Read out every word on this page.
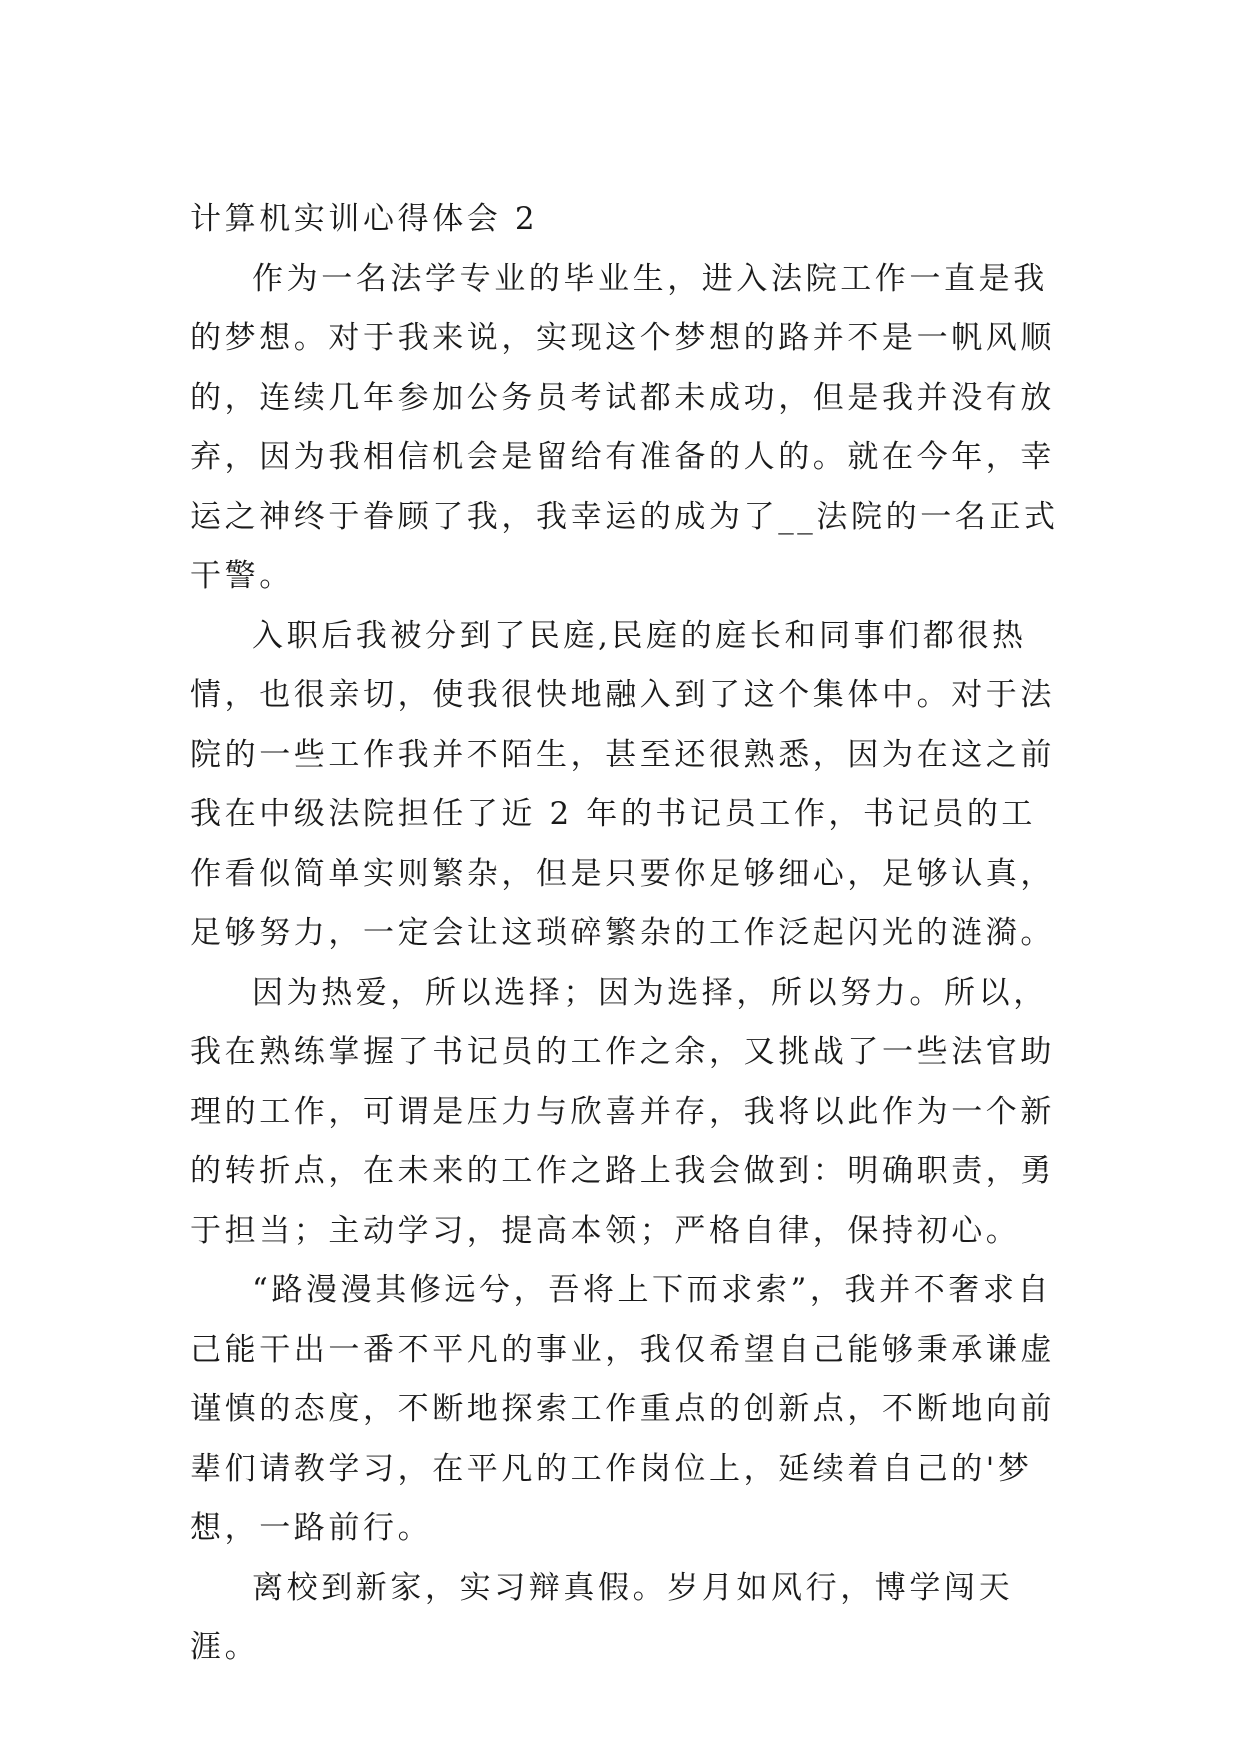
计算机实训心得体会 2

作为一名法学专业的毕业生，进入法院工作一直是我的梦想。对于我来说，实现这个梦想的路并不是一帆风顺的，连续几年参加公务员考试都未成功，但是我并没有放弃，因为我相信机会是留给有准备的人的。就在今年，幸运之神终于眷顾了我，我幸运的成为了__法院的一名正式干警。

入职后我被分到了民庭,民庭的庭长和同事们都很热情，也很亲切，使我很快地融入到了这个集体中。对于法院的一些工作我并不陌生，甚至还很熟悉，因为在这之前我在中级法院担任了近 2 年的书记员工作，书记员的工作看似简单实则繁杂，但是只要你足够细心，足够认真，足够努力，一定会让这琐碎繁杂的工作泛起闪光的涟漪。

因为热爱，所以选择；因为选择，所以努力。所以，我在熟练掌握了书记员的工作之余，又挑战了一些法官助理的工作，可谓是压力与欣喜并存，我将以此作为一个新的转折点，在未来的工作之路上我会做到：明确职责，勇于担当；主动学习，提高本领；严格自律，保持初心。

“路漫漫其修远兮，吾将上下而求索”，我并不奢求自己能干出一番不平凡的事业，我仅希望自己能够秉承谦虚谨慎的态度，不断地探索工作重点的创新点，不断地向前辈们请教学习，在平凡的工作岗位上，延续着自己的'梦想，一路前行。

离校到新家，实习辩真假。岁月如风行，博学闯天涯。
